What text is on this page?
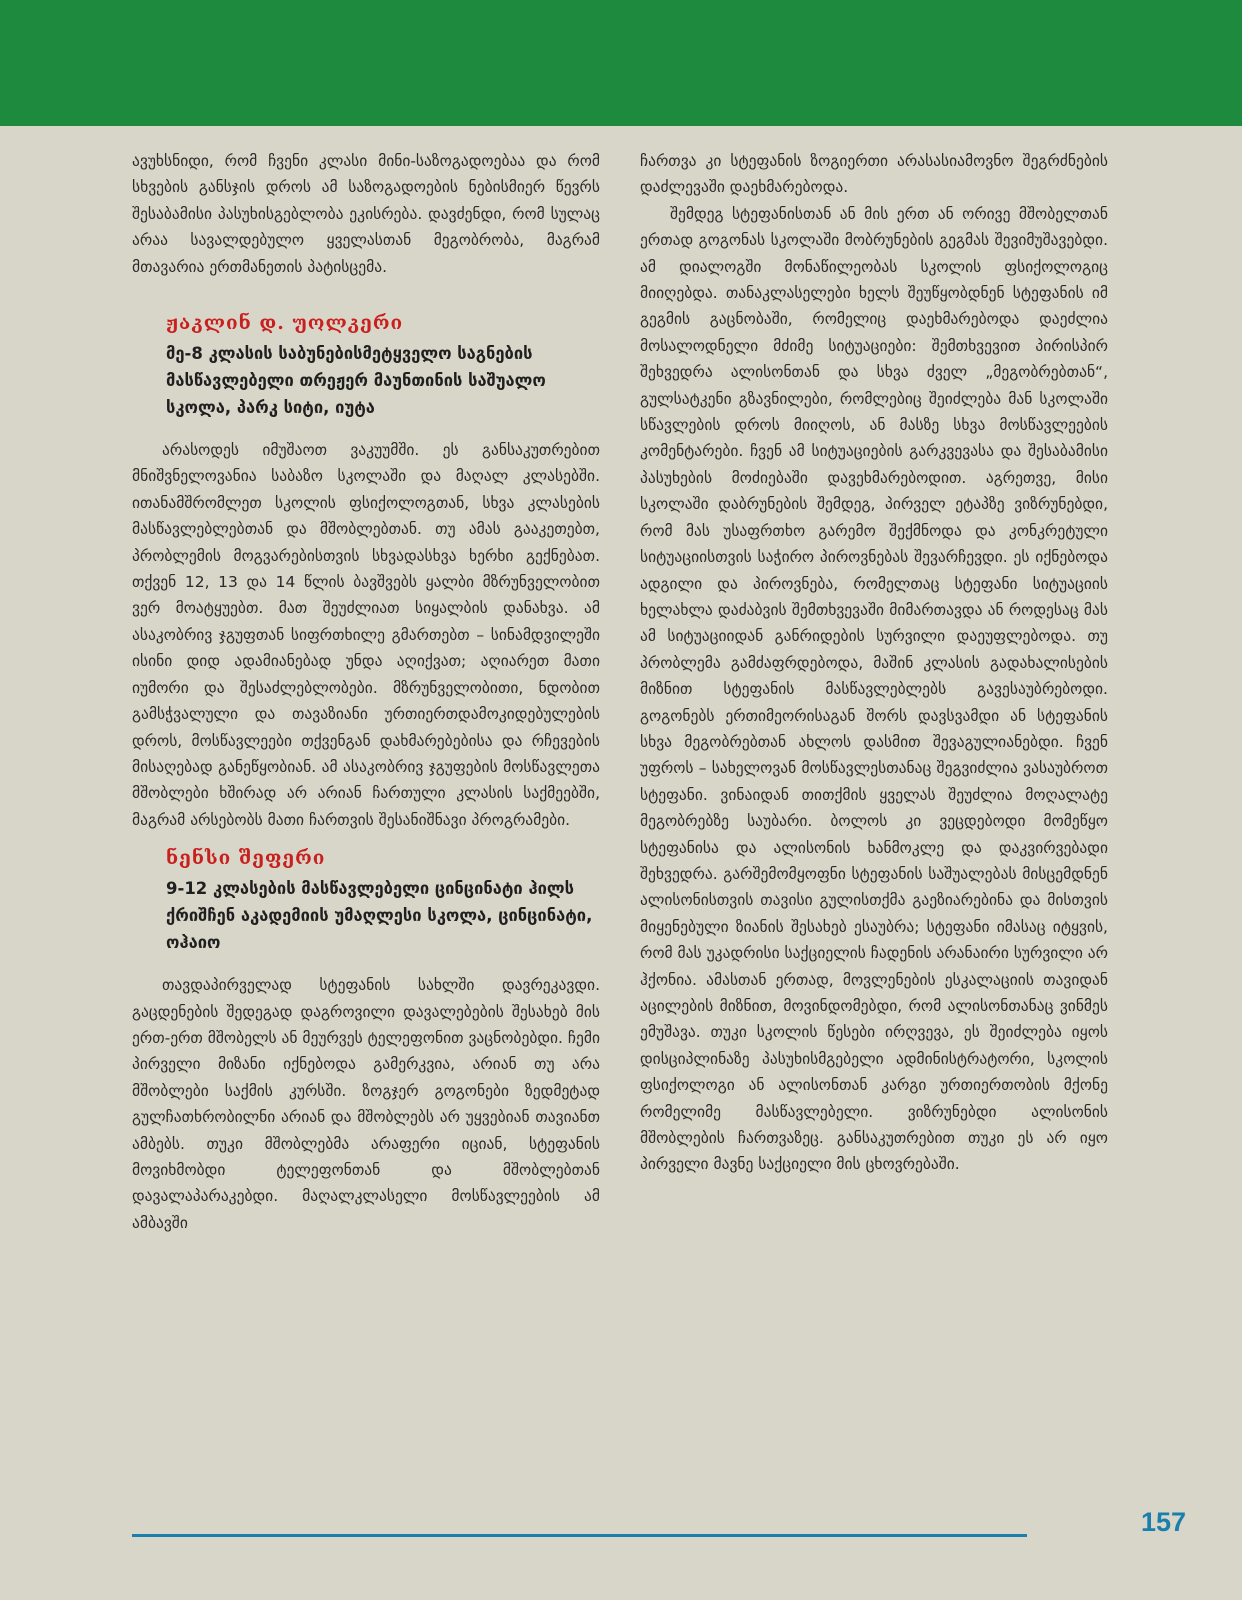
ავუხსნიდი, რომ ჩვენი კლასი მინი-საზოგადოებაა და რომ სხვების განსჯის დროს ამ საზოგადოების ნებისმიერ წევრს შესაბამისი პასუხისგებლობა ეკისრება. დავძენდი, რომ სულაც არაა სავალდებულო ყველასთან მეგობრობა, მაგრამ მთავარია ერთმანეთის პატისცემა.

ჟაკლინ დ. უოლკერი
მე-8 კლასის საბუნებისმეტყველო საგნების მასწავლებელი თრეჟერ მაუნთინის საშუალო სკოლა, პარკ სიტი, იუტა

არასოდეს იმუშაოთ ვაკუუმში. ეს განსაკუთრებით მნიშვნელოვანია საბაზო სკოლაში და მაღალ კლასებში. ითანამშრომლეთ სკოლის ფსიქოლოგთან, სხვა კლასების მასწავლებლებთან და მშობლებთან. თუ ამას გააკეთებთ, პრობლემის მოგვარებისთვის სხვადასხვა ხერხი გექნებათ. თქვენ 12, 13 და 14 წლის ბავშვებს ყალბი მზრუნველობით ვერ მოატყუებთ. მათ შეუძლიათ სიყალბის დანახვა. ამ ასაკობრივ ჯგუფთან სიფრთხილე გმართებთ – სინამდვილეში ისინი დიდ ადამიანებად უნდა აღიქვათ; აღიარეთ მათი იუმორი და შესაძლებლობები. მზრუნველობითი, ნდობით გამსჭვალული და თავაზიანი ურთიერთდამოკიდებულების დროს, მოსწავლეები თქვენგან დახმარებებისა და რჩევების მისაღებად განეწყობიან. ამ ასაკობრივ ჯგუფების მოსწავლეთა მშობლები ხშირად არ არიან ჩართული კლასის საქმეებში, მაგრამ არსებობს მათი ჩართვის შესანიშნავი პროგრამები.

ნენსი შეფერი
9-12 კლასების მასწავლებელი ცინცინატი ჰილს ქრიშჩენ აკადემიის უმაღლესი სკოლა, ცინცინატი, ოჰაიო

თავდაპირველად სტეფანის სახლში დავრეკავდი. გაცდენების შედეგად დაგროვილი დავალებების შესახებ მის ერთ-ერთ მშობელს ან მეურვეს ტელეფონით ვაცნობებდი. ჩემი პირველი მიზანი იქნებოდა გამერკვია, არიან თუ არა მშობლები საქმის კურსში. ზოგჯერ გოგონები ზედმეტად გულჩათხრობილნი არიან და მშობლებს არ უყვებიან თავიანთ ამბებს. თუკი მშობლებმა არაფერი იციან, სტეფანის მოვიხმობდი ტელეფონთან და მშობლებთან დავალაპარაკებდი. მაღალკლასელი მოსწავლეების ამ ამბავში

ჩართვა კი სტეფანის ზოგიერთი არასასიამოვნო შეგრძნების დაძლევაში დაეხმარებოდა.

შემდეგ სტეფანისთან ან მის ერთ ან ორივე მშობელთან ერთად გოგონას სკოლაში მობრუნების გეგმას შევიმუშავებდი. ამ დიალოგში მონაწილეობას სკოლის ფსიქოლოგიც მიიღებდა. თანაკლასელები ხელს შეუწყობდნენ სტეფანის იმ გეგმის გაცნობაში, რომელიც დაეხმარებოდა დაეძლია მოსალოდნელი მძიმე სიტუაციები: შემთხვევით პირისპირ შეხვედრა ალისონთან და სხვა ძველ „მეგობრებთან“, გულსატკენი გზავნილები, რომლებიც შეიძლება მან სკოლაში სწავლების დროს მიიღოს, ან მასზე სხვა მოსწავლეების კომენტარები. ჩვენ ამ სიტუაციების გარკვევასა და შესაბამისი პასუხების მოძიებაში დავეხმარებოდით. აგრეთვე, მისი სკოლაში დაბრუნების შემდეგ, პირველ ეტაპზე ვიზრუნებდი, რომ მას უსაფრთხო გარემო შექმნოდა და კონკრეტული სიტუაციისთვის საჭირო პიროვნებას შევარჩევდი. ეს იქნებოდა ადგილი და პიროვნება, რომელთაც სტეფანი სიტუაციის ხელახლა დაძაბვის შემთხვევაში მიმართავდა ან როდესაც მას ამ სიტუაციიდან განრიდების სურვილი დაეუფლებოდა. თუ პრობლემა გამძაფრდებოდა, მაშინ კლასის გადახალისების მიზნით სტეფანის მასწავლებლებს გავესაუბრებოდი. გოგონებს ერთიმეორისაგან შორს დავსვამდი ან სტეფანის სხვა მეგობრებთან ახლოს დასმით შევაგულიანებდი. ჩვენ უფროს – სახელოვან მოსწავლესთანაც შეგვიძლია ვასაუბროთ სტეფანი. ვინაიდან თითქმის ყველას შეუძლია მოღალატე მეგობრებზე საუბარი. ბოლოს კი ვეცდებოდი მომეწყო სტეფანისა და ალისონის ხანმოკლე და დაკვირვებადი შეხვედრა. გარშემომყოფნი სტეფანის საშუალებას მისცემდნენ ალისონისთვის თავისი გულისთქმა გაეზიარებინა და მისთვის მიყენებული ზიანის შესახებ ესაუბრა; სტეფანი იმასაც იტყვის, რომ მას უკადრისი საქციელის ჩადენის არანაირი სურვილი არ ჰქონია. ამასთან ერთად, მოვლენების ესკალაციის თავიდან აცილების მიზნით, მოვინდომებდი, რომ ალისონთანაც ვინმეს ემუშავა. თუკი სკოლის წესები ირღვევა, ეს შეიძლება იყოს დისციპლინაზე პასუხისმგებელი ადმინისტრატორი, სკოლის ფსიქოლოგი ან ალისონთან კარგი ურთიერთობის მქონე რომელიმე მასწავლებელი. ვიზრუნებდი ალისონის მშობლების ჩართვაზეც. განსაკუთრებით თუკი ეს არ იყო პირველი მავნე საქციელი მის ცხოვრებაში.

157
